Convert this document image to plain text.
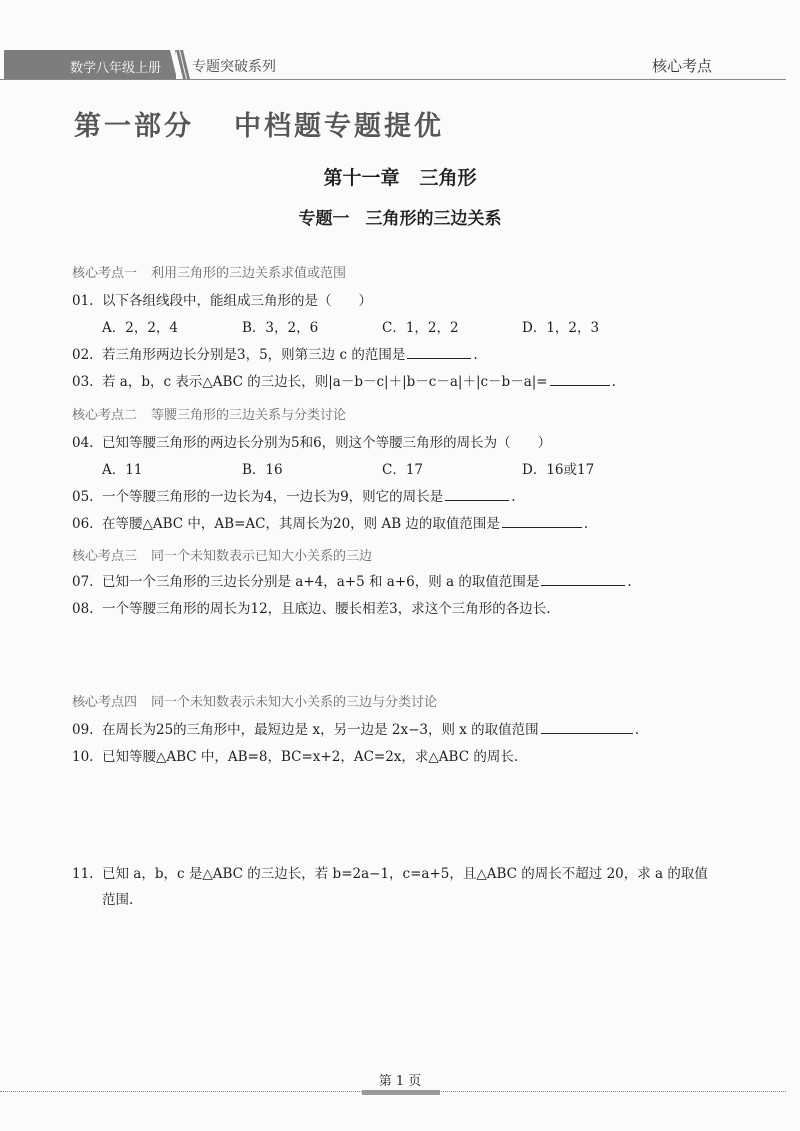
数学八年级上册 专题突破系列	核心考点
第一部分 中档题专题提优
第十一章 三角形
专题一 三角形的三边关系
核心考点一 利用三角形的三边关系求值或范围
01. 以下各组线段中，能组成三角形的是（　　）
A．2，2，4	B．3，2，6	C．1，2，2	D．1，2，3
02. 若三角形两边长分别是3，5，则第三边 c 的范围是	.
03. 若 a，b，c 表示△ABC 的三边长，则|a－b－c|＋|b－c－a|＋|c－b－a|=	.
核心考点二 等腰三角形的三边关系与分类讨论
04. 已知等腰三角形的两边长分别为5和6，则这个等腰三角形的周长为（　　）
A．11	B．16	C．17	D．16或17
05. 一个等腰三角形的一边长为4，一边长为9，则它的周长是	.
06. 在等腰△ABC 中，AB=AC，其周长为20，则 AB 边的取值范围是	.
核心考点三 同一个未知数表示已知大小关系的三边
07. 已知一个三角形的三边长分别是 a+4，a+5 和 a+6，则 a 的取值范围是	.
08. 一个等腰三角形的周长为12，且底边、腰长相差3，求这个三角形的各边长.
核心考点四 同一个未知数表示未知大小关系的三边与分类讨论
09. 在周长为25的三角形中，最短边是 x，另一边是 2x−3，则 x 的取值范围	.
10. 已知等腰△ABC 中，AB=8，BC=x+2，AC=2x，求△ABC 的周长.
11. 已知 a，b，c 是△ABC 的三边长，若 b=2a−1，c=a+5，且△ABC 的周长不超过 20，求 a 的取值
范围.
第 1 页
